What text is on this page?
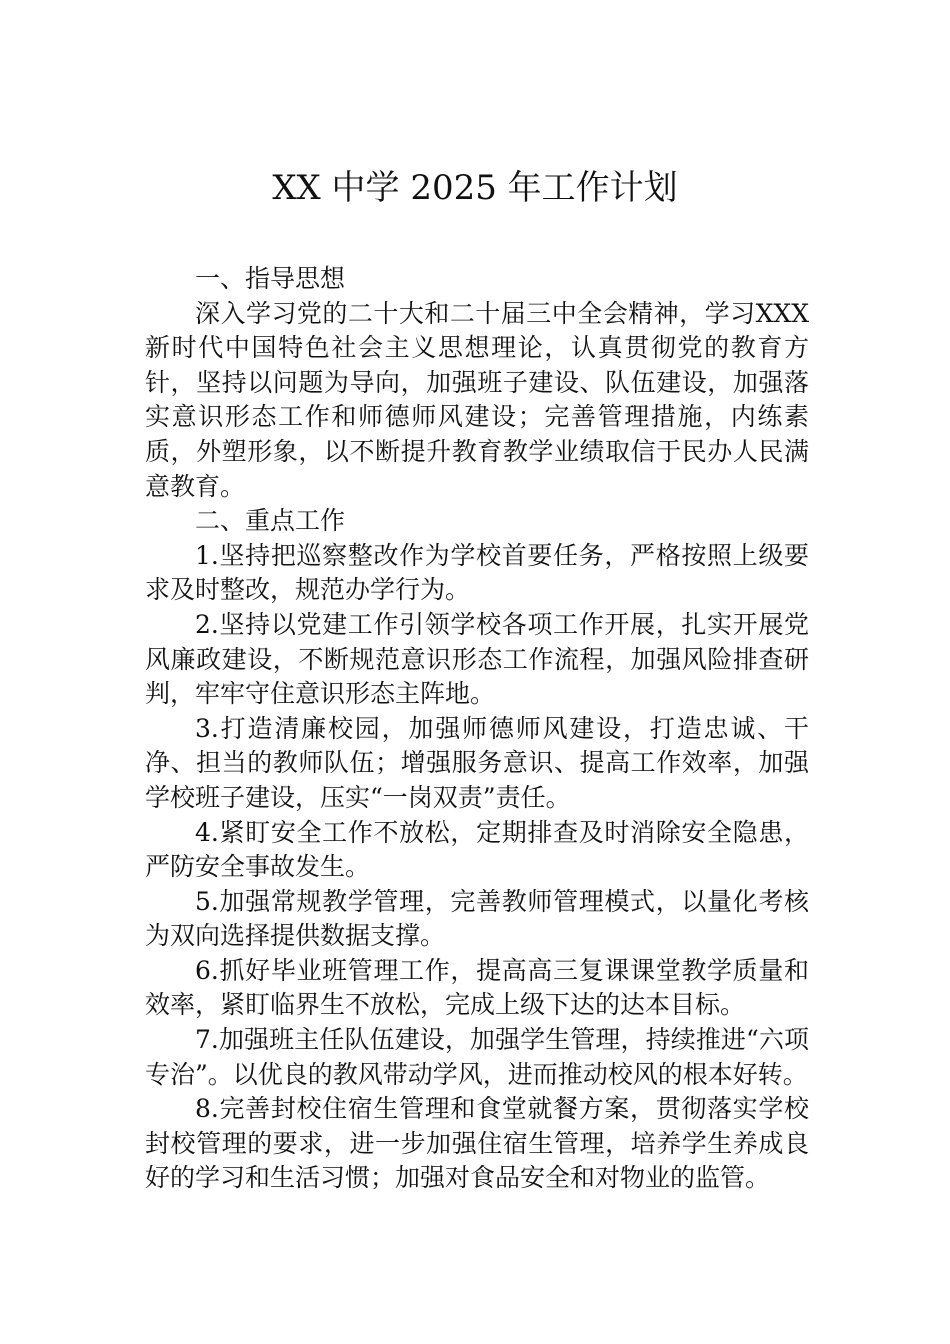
XX 中学 2025 年工作计划

一、指导思想

深入学习党的二十大和二十届三中全会精神，学习XXX新时代中国特色社会主义思想理论，认真贯彻党的教育方针，坚持以问题为导向，加强班子建设、队伍建设，加强落实意识形态工作和师德师风建设；完善管理措施，内练素质，外塑形象，以不断提升教育教学业绩取信于民办人民满意教育。

二、重点工作

1.坚持把巡察整改作为学校首要任务，严格按照上级要求及时整改，规范办学行为。

2.坚持以党建工作引领学校各项工作开展，扎实开展党风廉政建设，不断规范意识形态工作流程，加强风险排查研判，牢牢守住意识形态主阵地。

3.打造清廉校园，加强师德师风建设，打造忠诚、干净、担当的教师队伍；增强服务意识、提高工作效率，加强学校班子建设，压实“一岗双责”责任。

4.紧盯安全工作不放松，定期排查及时消除安全隐患，严防安全事故发生。

5.加强常规教学管理，完善教师管理模式，以量化考核为双向选择提供数据支撑。

6.抓好毕业班管理工作，提高高三复课课堂教学质量和效率，紧盯临界生不放松，完成上级下达的达本目标。

7.加强班主任队伍建设，加强学生管理，持续推进“六项专治”。以优良的教风带动学风，进而推动校风的根本好转。

8.完善封校住宿生管理和食堂就餐方案，贯彻落实学校封校管理的要求，进一步加强住宿生管理，培养学生养成良好的学习和生活习惯；加强对食品安全和对物业的监管。
